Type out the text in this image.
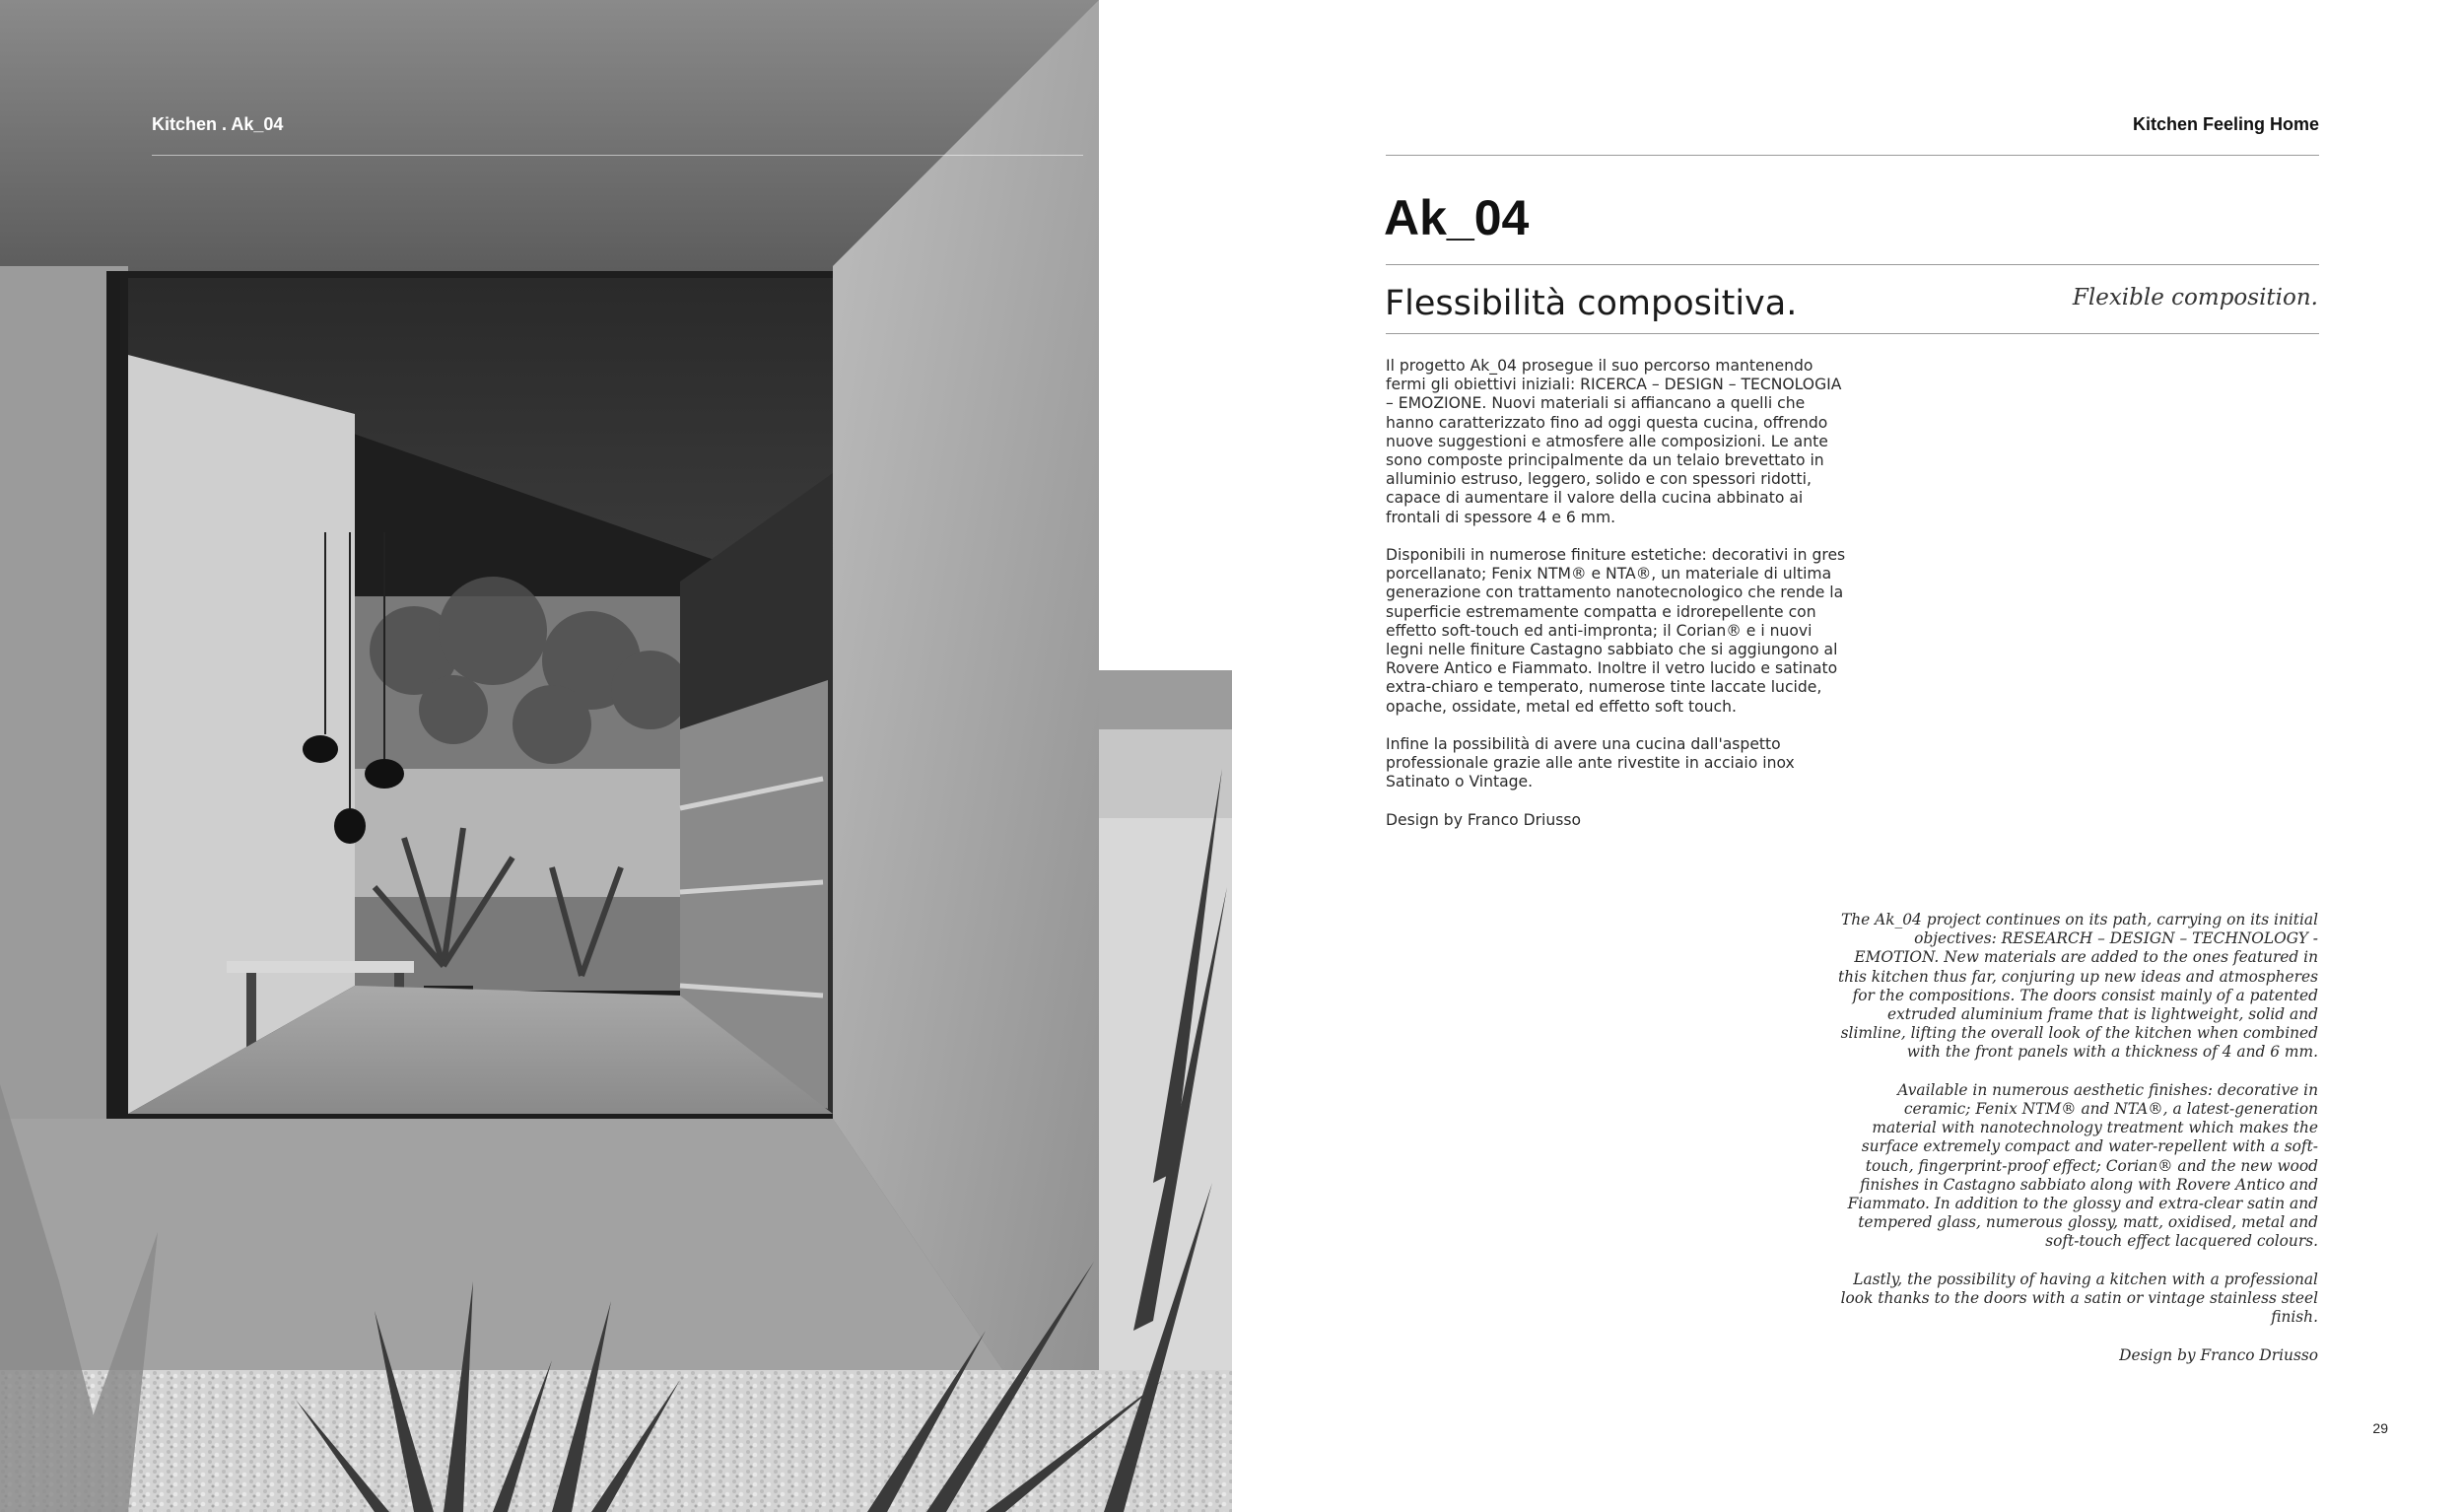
Kitchen . Ak_04	Kitchen Feeling Home
Ak_04
Flessibilità compositiva.	Flexible composition.

Il progetto Ak_04 prosegue il suo percorso mantenendo fermi gli obiettivi iniziali: RICERCA – DESIGN – TECNOLOGIA – EMOZIONE. Nuovi materiali si affiancano a quelli che hanno caratterizzato fino ad oggi questa cucina, offrendo nuove suggestioni e atmosfere alle composizioni. Le ante sono composte principalmente da un telaio brevettato in alluminio estruso, leggero, solido e con spessori ridotti, capace di aumentare il valore della cucina abbinato ai frontali di spessore 4 e 6 mm.

Disponibili in numerose finiture estetiche: decorativi in gres porcellanato; Fenix NTM® e NTA®, un materiale di ultima generazione con trattamento nanotecnologico che rende la superficie estremamente compatta e idrorepellente con effetto soft-touch ed anti-impronta; il Corian® e i nuovi legni nelle finiture Castagno sabbiato che si aggiungono al Rovere Antico e Fiammato. Inoltre il vetro lucido e satinato extra-chiaro e temperato, numerose tinte laccate lucide, opache, ossidate, metal ed effetto soft touch.

Infine la possibilità di avere una cucina dall'aspetto professionale grazie alle ante rivestite in acciaio inox Satinato o Vintage.

Design by Franco Driusso

The Ak_04 project continues on its path, carrying on its initial objectives: RESEARCH – DESIGN – TECHNOLOGY - EMOTION. New materials are added to the ones featured in this kitchen thus far, conjuring up new ideas and atmospheres for the compositions. The doors consist mainly of a patented extruded aluminium frame that is lightweight, solid and slimline, lifting the overall look of the kitchen when combined with the front panels with a thickness of 4 and 6 mm.

Available in numerous aesthetic finishes: decorative in ceramic; Fenix NTM® and NTA®, a latest-generation material with nanotechnology treatment which makes the surface extremely compact and water-repellent with a soft-touch, fingerprint-proof effect; Corian® and the new wood finishes in Castagno sabbiato along with Rovere Antico and Fiammato. In addition to the glossy and extra-clear satin and tempered glass, numerous glossy, matt, oxidised, metal and soft-touch effect lacquered colours.

Lastly, the possibility of having a kitchen with a professional look thanks to the doors with a satin or vintage stainless steel finish.

Design by Franco Driusso

29
